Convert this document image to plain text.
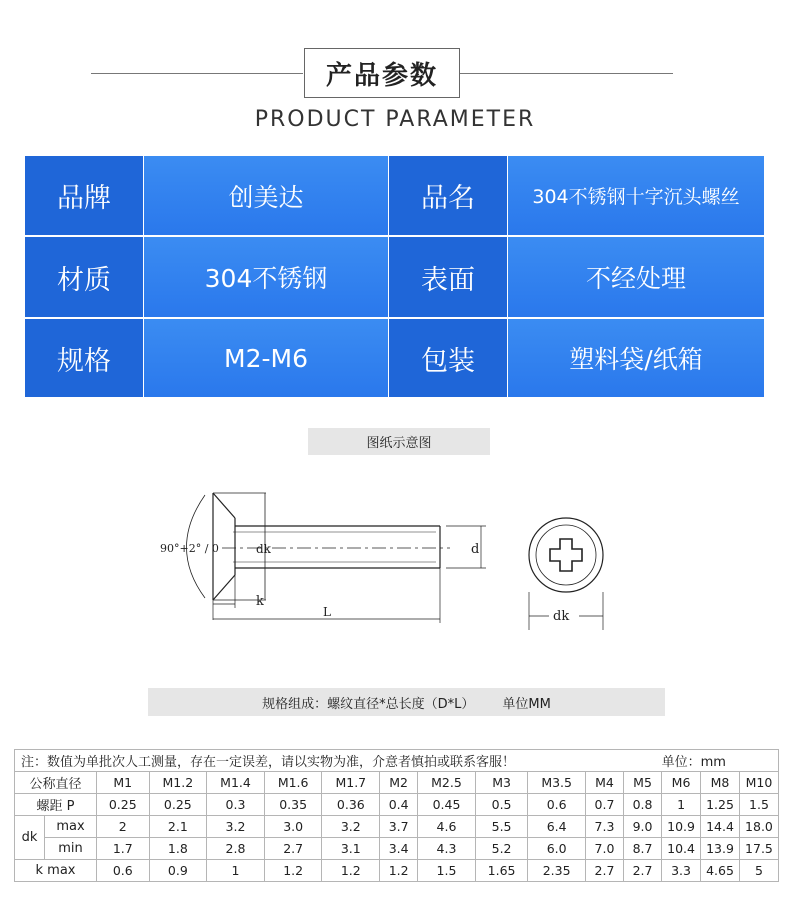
产品参数
PRODUCT PARAMETER
品牌	创美达	品名	304不锈钢十字沉头螺丝
材质	304不锈钢	表面	不经处理
规格	M2-M6	包装	塑料袋/纸箱
图纸示意图
90°+2° / 0	dk	d
k
L	dk
规格组成：螺纹直径*总长度（D*L） 单位MM
注：数值为单批次人工测量，存在一定误差，请以实物为准，介意者慎拍或联系客服！													单位：mm		
公称直径		M1	M1.2	M1.4	M1.6	M1.7	M2	M2.5	M3	M3.5	M4	M5	M6	M8	M10
螺距 P		0.25	0.25	0.3	0.35	0.36	0.4	0.45	0.5	0.6	0.7	0.8	1	1.25	1.5
dk	max	2	2.1	3.2	3.0	3.2	3.7	4.6	5.5	6.4	7.3	9.0	10.9	14.4	18.0
	min	1.7	1.8	2.8	2.7	3.1	3.4	4.3	5.2	6.0	7.0	8.7	10.4	13.9	17.5
k max		0.6	0.9	1	1.2	1.2	1.2	1.5	1.65	2.35	2.7	2.7	3.3	4.65	5
